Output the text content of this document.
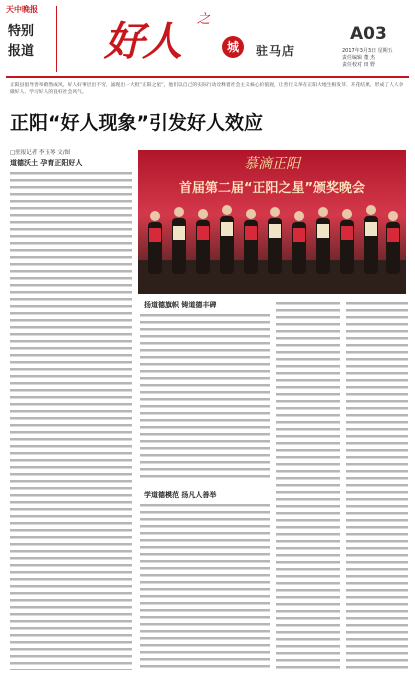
天中晚报
特别
报道	好人 之
城	驻马店
A03
2017年3月3日 星期五
责任编辑 董 杰
责任校对 田 野
正阳县倡导善举蔚然成风，好人好事层出不穷，涌现出一大批“正阳之星”，他们以自己的实际行动诠释着社会主义核心价值观，让善行义举在正阳大地生根发芽、开花结果，形成了人人争做好人、学习好人的良好社会风气。
正阳“好人现象”引发好人效应
□驻报记者 李玉琴 文/图
慕滴正阳
首届第二届“正阳之星”颁奖晚会
道德沃土 孕育正阳好人
扬道德旗帜 铸道德丰碑
学道德模范 扬凡人善举
